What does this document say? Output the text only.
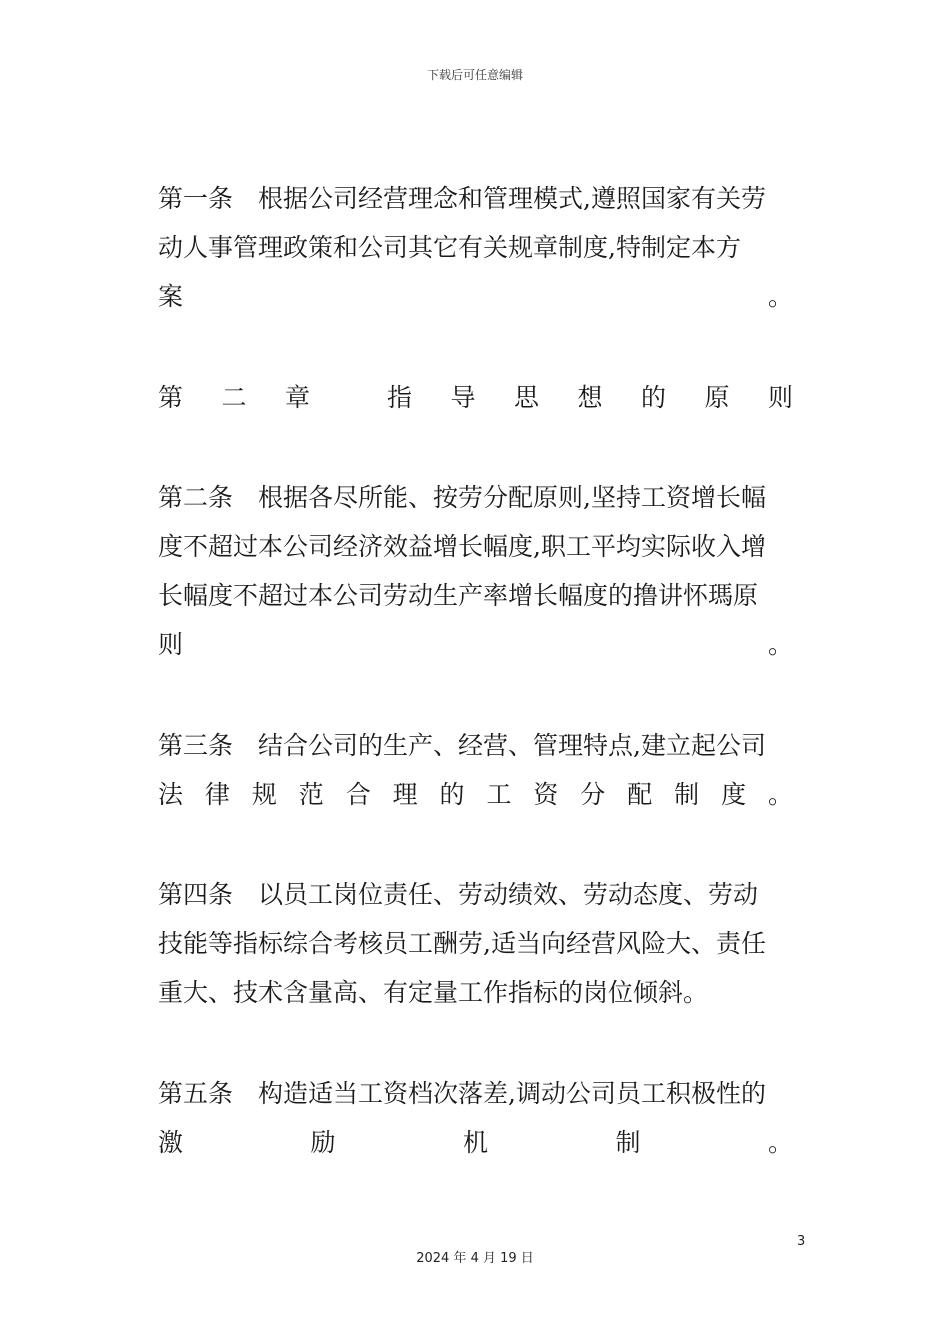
下载后可任意编辑
第一条　根据公司经营理念和管理模式,遵照国家有关劳
动人事管理政策和公司其它有关规章制度,特制定本方
案	。
第 二 章	指 导 思 想 的 原 则
第二条　根据各尽所能、按劳分配原则,坚持工资增长幅
度不超过本公司经济效益增长幅度,职工平均实际收入增
长幅度不超过本公司劳动生产率增长幅度的撸讲怀瑪原
则	。
第三条　结合公司的生产、经营、管理特点,建立起公司
法 律 规 范 合 理 的 工 资 分 配 制 度 。
第四条　以员工岗位责任、劳动绩效、劳动态度、劳动
技能等指标综合考核员工酬劳,适当向经营风险大、责任
重大、技术含量高、有定量工作指标的岗位倾斜。
第五条　构造适当工资档次落差,调动公司员工积极性的
激	励	机	制	。
3
2024 年 4 月 19 日
